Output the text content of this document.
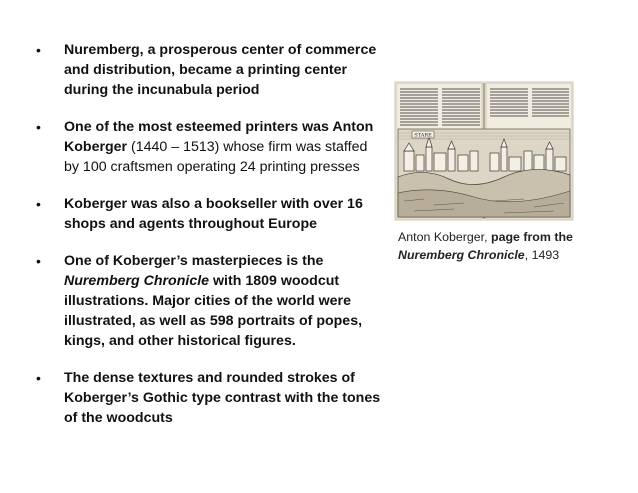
• Nuremberg, a prosperous center of commerce and distribution, became a printing center during the incunabula period
• One of the most esteemed printers was Anton Koberger (1440 – 1513) whose firm was staffed by 100 craftsmen operating 24 printing presses
• Koberger was also a bookseller with over 16 shops and agents throughout Europe
• One of Koberger’s masterpieces is the Nuremberg Chronicle with 1809 woodcut illustrations. Major cities of the world were illustrated, as well as 598 portraits of popes, kings, and other historical figures.
• The dense textures and rounded strokes of Koberger’s Gothic type contrast with the tones of the woodcuts
STARE
Anton Koberger, page from the Nuremberg Chronicle, 1493
